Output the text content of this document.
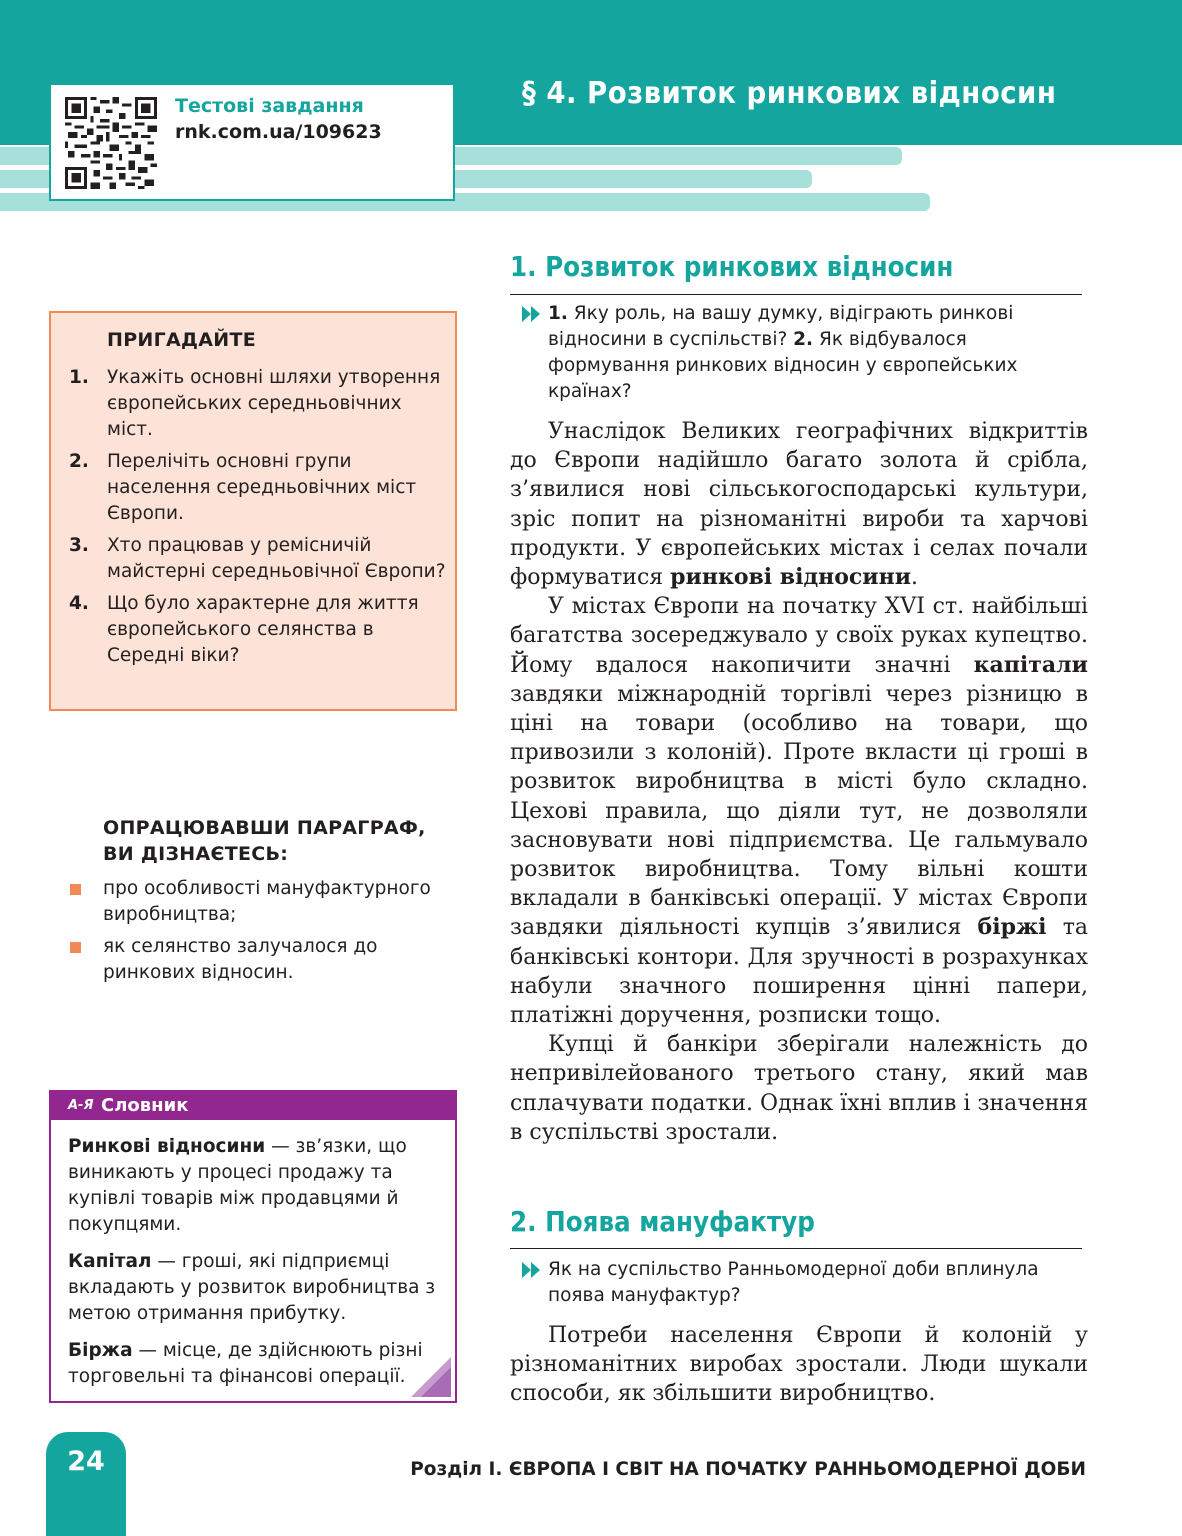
§ 4. Розвиток ринкових відносин
Тестові завдання
rnk.com.ua/109623
ПРИГАДАЙТЕ
1. Укажіть основні шляхи утворення європейських середньовічних міст.
2. Перелічіть основні групи населення середньовічних міст Європи.
3. Хто працював у ремісничій майстерні середньовічної Європи?
4. Що було характерне для життя європейського селянства в Середні віки?
ОПРАЦЮВАВШИ ПАРАГРАФ,
ВИ ДІЗНАЄТЕСЬ:
про особливості мануфактурного виробництва;
як селянство залучалося до ринкових відносин.
А-Я Словник

Ринкові відносини — зв’язки, що виникають у процесі продажу та купівлі товарів між продавцями й покупцями.

Капітал — гроші, які підприємці вкладають у розвиток виробництва з метою отримання прибутку.

Біржа — місце, де здійснюють різні торговельні та фінансові операції.

1. Розвиток ринкових відносин
1. Яку роль, на вашу думку, відіграють ринкові відносини в суспільстві? 2. Як відбувалося формування ринкових відносин у європейських країнах?

Унаслідок Великих географічних відкриттів до Європи надійшло багато золота й срібла, з’явилися нові сільськогосподарські культури, зріс попит на різноманітні вироби та харчові продукти. У європейських містах і селах почали формуватися ринкові відносини.

У містах Європи на початку XVI ст. найбільші багатства зосереджувало у своїх руках купецтво. Йому вдалося накопичити значні капітали завдяки міжнародній торгівлі через різницю в ціні на товари (особливо на товари, що привозили з колоній). Проте вкласти ці гроші в розвиток виробництва в місті було складно. Цехові правила, що діяли тут, не дозволяли засновувати нові підприємства. Це гальмувало розвиток виробництва. Тому вільні кошти вкладали в банківські операції. У містах Європи завдяки діяльності купців з’явилися біржі та банківські контори. Для зручності в розрахунках набули значного поширення цінні папери, платіжні доручення, розписки тощо.

Купці й банкіри зберігали належність до непривілейованого третього стану, який мав сплачувати податки. Однак їхні вплив і значення в суспільстві зростали.

2. Поява мануфактур
Як на суспільство Ранньомодерної доби вплинула поява мануфактур?

Потреби населення Європи й колоній у різноманітних виробах зростали. Люди шукали способи, як збільшити виробництво.

24	Розділ І. ЄВРОПА І СВІТ НА ПОЧАТКУ РАННЬОМОДЕРНОЇ ДОБИ
